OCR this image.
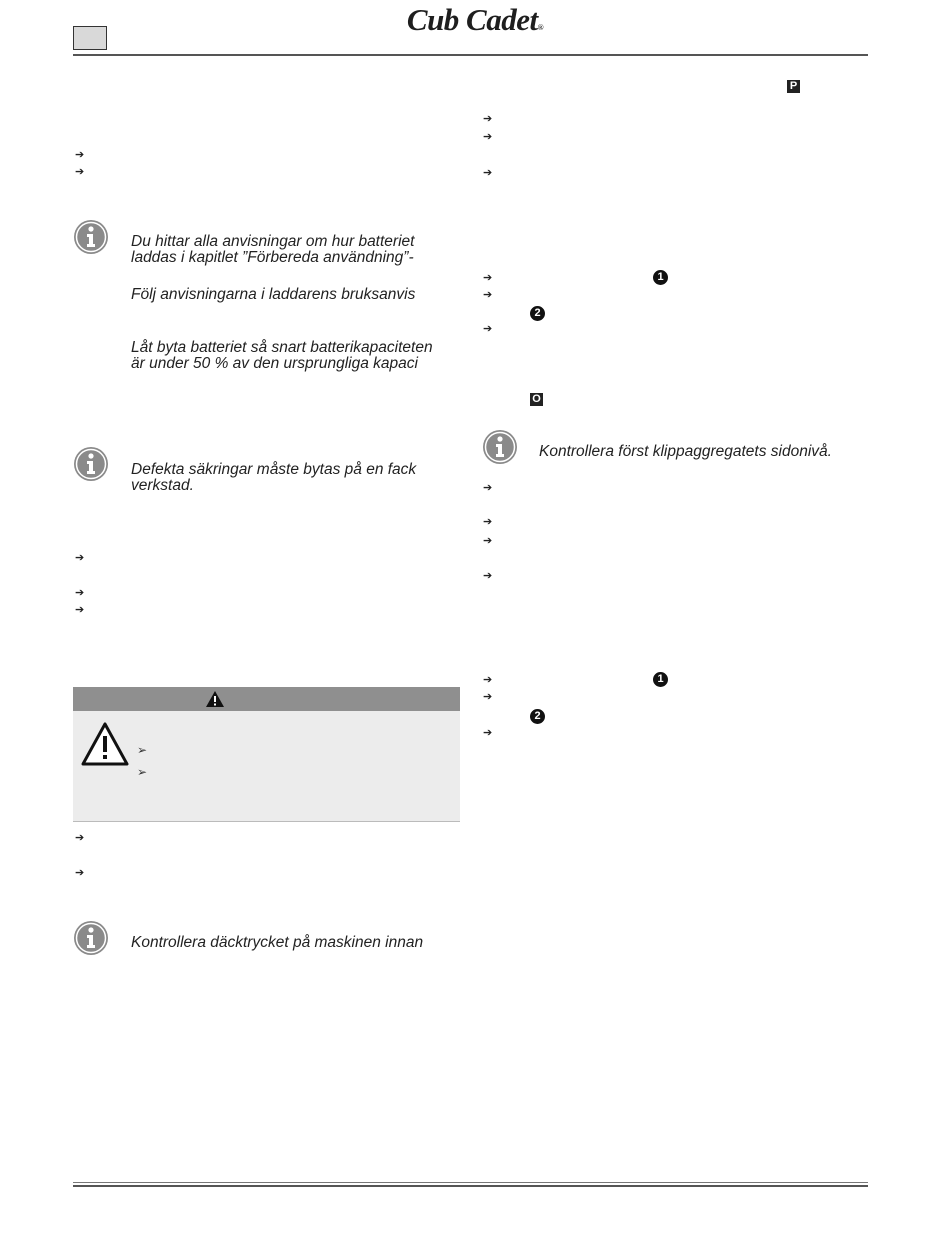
Cub Cadet®
➔
➔
Du hittar alla anvisningar om hur batteriet
laddas i kapitlet ”Förbereda användning”-
Följ anvisningarna i laddarens bruksanvis
Låt byta batteriet så snart batterikapaciteten
är under 50 % av den ursprungliga kapaci
Defekta säkringar måste bytas på en fack
verkstad.
➔
➔
➔
➢
➢
➔
➔
Kontrollera däcktrycket på maskinen innan
P
➔
➔
➔
➔	1
➔
2
➔
O
Kontrollera först klippaggregatets sidonivå.
➔
➔
➔
➔
➔	1
➔
2
➔
